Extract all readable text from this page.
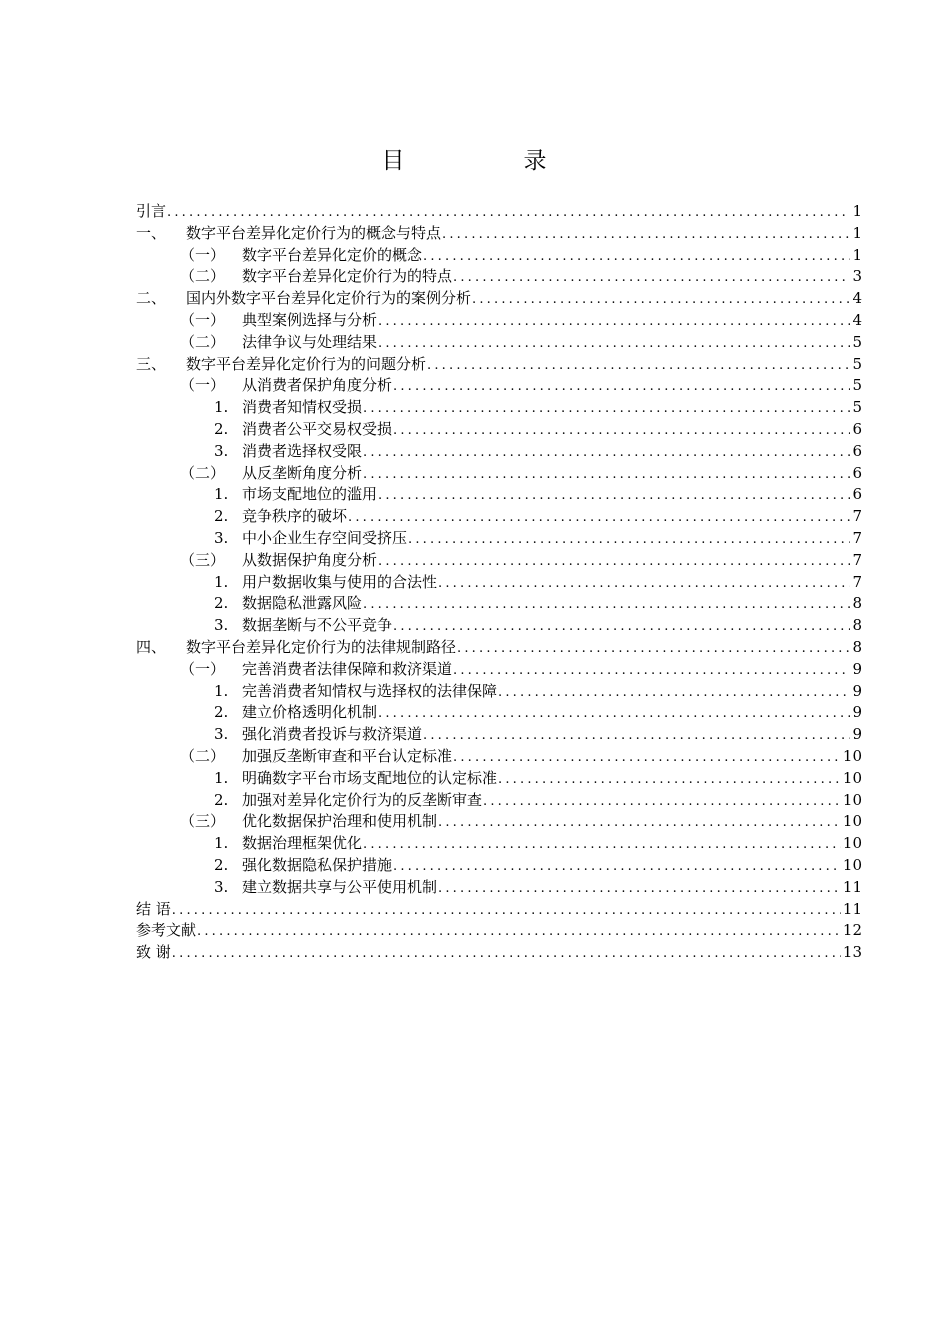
目　录
引言 .....	1
一、	数字平台差异化定价行为的概念与特点 .....	1
（一）	数字平台差异化定价的概念 .....	1
（二）	数字平台差异化定价行为的特点 .....	3
二、	国内外数字平台差异化定价行为的案例分析 .....	4
（一）	典型案例选择与分析 .....	4
（二）	法律争议与处理结果 .....	5
三、	数字平台差异化定价行为的问题分析 .....	5
（一）	从消费者保护角度分析 .....	5
1. 消费者知情权受损 .....	5
2. 消费者公平交易权受损 .....	6
3. 消费者选择权受限 .....	6
（二）	从反垄断角度分析 .....	6
1. 市场支配地位的滥用 .....	6
2. 竞争秩序的破坏 .....	7
3. 中小企业生存空间受挤压 .....	7
（三）	从数据保护角度分析 .....	7
1. 用户数据收集与使用的合法性 .....	7
2. 数据隐私泄露风险 .....	8
3. 数据垄断与不公平竞争 .....	8
四、	数字平台差异化定价行为的法律规制路径 .....	8
（一）	完善消费者法律保障和救济渠道 .....	9
1. 完善消费者知情权与选择权的法律保障 .....	9
2. 建立价格透明化机制 .....	9
3. 强化消费者投诉与救济渠道 .....	9
（二）	加强反垄断审查和平台认定标准 .....	10
1. 明确数字平台市场支配地位的认定标准 .....	10
2. 加强对差异化定价行为的反垄断审查 .....	10
（三）	优化数据保护治理和使用机制 .....	10
1. 数据治理框架优化 .....	10
2. 强化数据隐私保护措施 .....	10
3. 建立数据共享与公平使用机制 .....	11
结 语 .....	11
参考文献 .....	12
致 谢 .....	13
